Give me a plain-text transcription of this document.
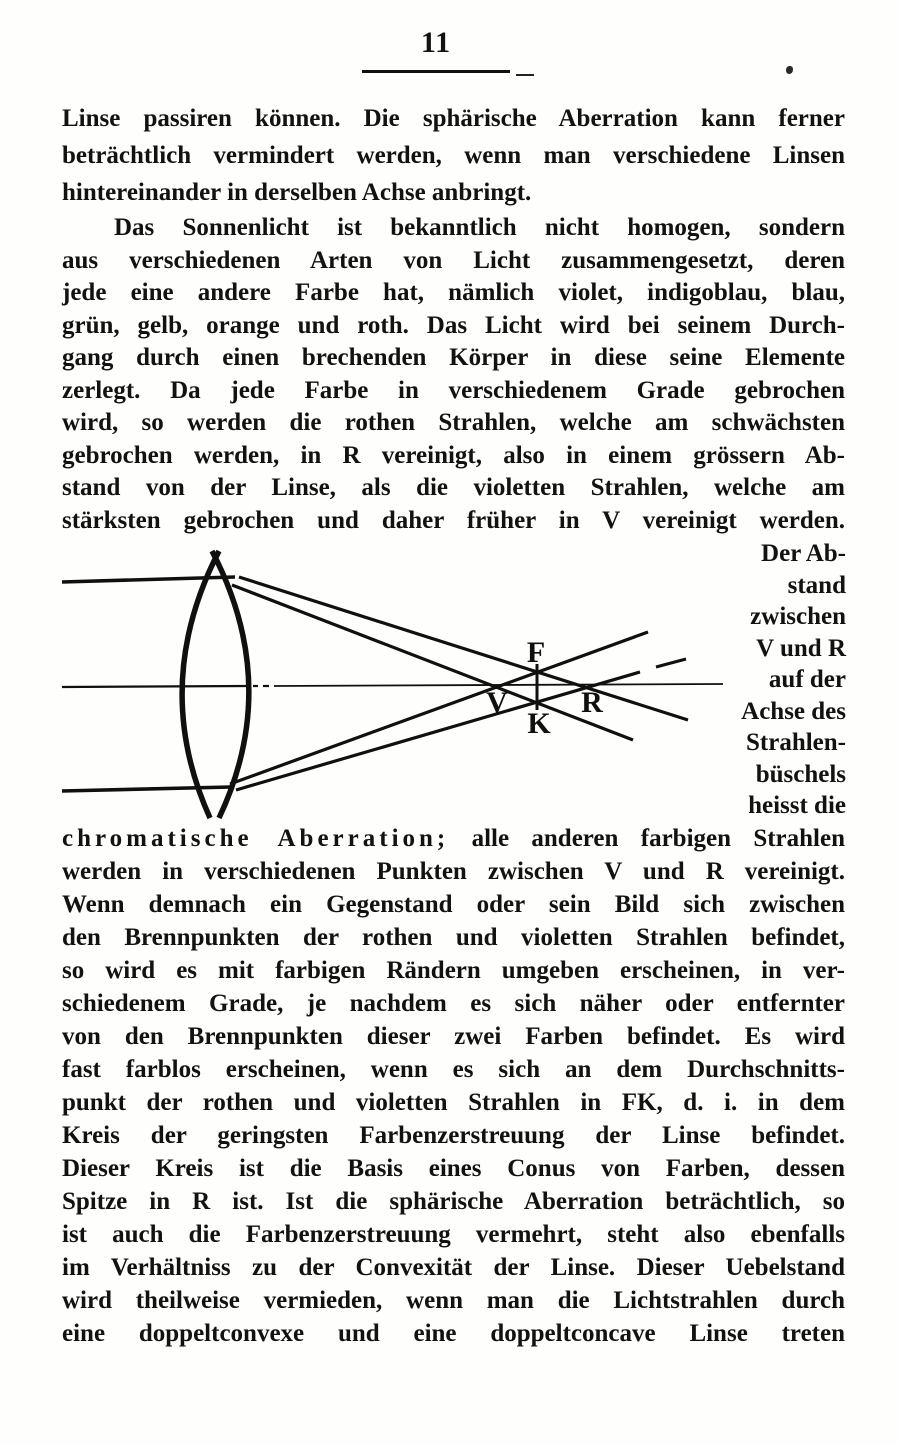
11
Linse passiren können. Die sphärische Aberration kann ferner
beträchtlich vermindert werden, wenn man verschiedene Linsen
hintereinander in derselben Achse anbringt.
Das Sonnenlicht ist bekanntlich nicht homogen, sondern
aus verschiedenen Arten von Licht zusammengesetzt, deren
jede eine andere Farbe hat, nämlich violet, indigoblau, blau,
grün, gelb, orange und roth. Das Licht wird bei seinem Durch-
gang durch einen brechenden Körper in diese seine Elemente
zerlegt. Da jede Farbe in verschiedenem Grade gebrochen
wird, so werden die rothen Strahlen, welche am schwächsten
gebrochen werden, in R vereinigt, also in einem grössern Ab-
stand von der Linse, als die violetten Strahlen, welche am
stärksten gebrochen und daher früher in V vereinigt werden.
F
V R
K
Der Ab-
stand
zwischen
V und R
auf der
Achse des
Strahlen-
büschels
heisst die
chromatische Aberration; alle anderen farbigen Strahlen
werden in verschiedenen Punkten zwischen V und R vereinigt.
Wenn demnach ein Gegenstand oder sein Bild sich zwischen
den Brennpunkten der rothen und violetten Strahlen befindet,
so wird es mit farbigen Rändern umgeben erscheinen, in ver-
schiedenem Grade, je nachdem es sich näher oder entfernter
von den Brennpunkten dieser zwei Farben befindet. Es wird
fast farblos erscheinen, wenn es sich an dem Durchschnitts-
punkt der rothen und violetten Strahlen in FK, d. i. in dem
Kreis der geringsten Farbenzerstreuung der Linse befindet.
Dieser Kreis ist die Basis eines Conus von Farben, dessen
Spitze in R ist. Ist die sphärische Aberration beträchtlich, so
ist auch die Farbenzerstreuung vermehrt, steht also ebenfalls
im Verhältniss zu der Convexität der Linse. Dieser Uebelstand
wird theilweise vermieden, wenn man die Lichtstrahlen durch
eine doppeltconvexe und eine doppeltconcave Linse treten
